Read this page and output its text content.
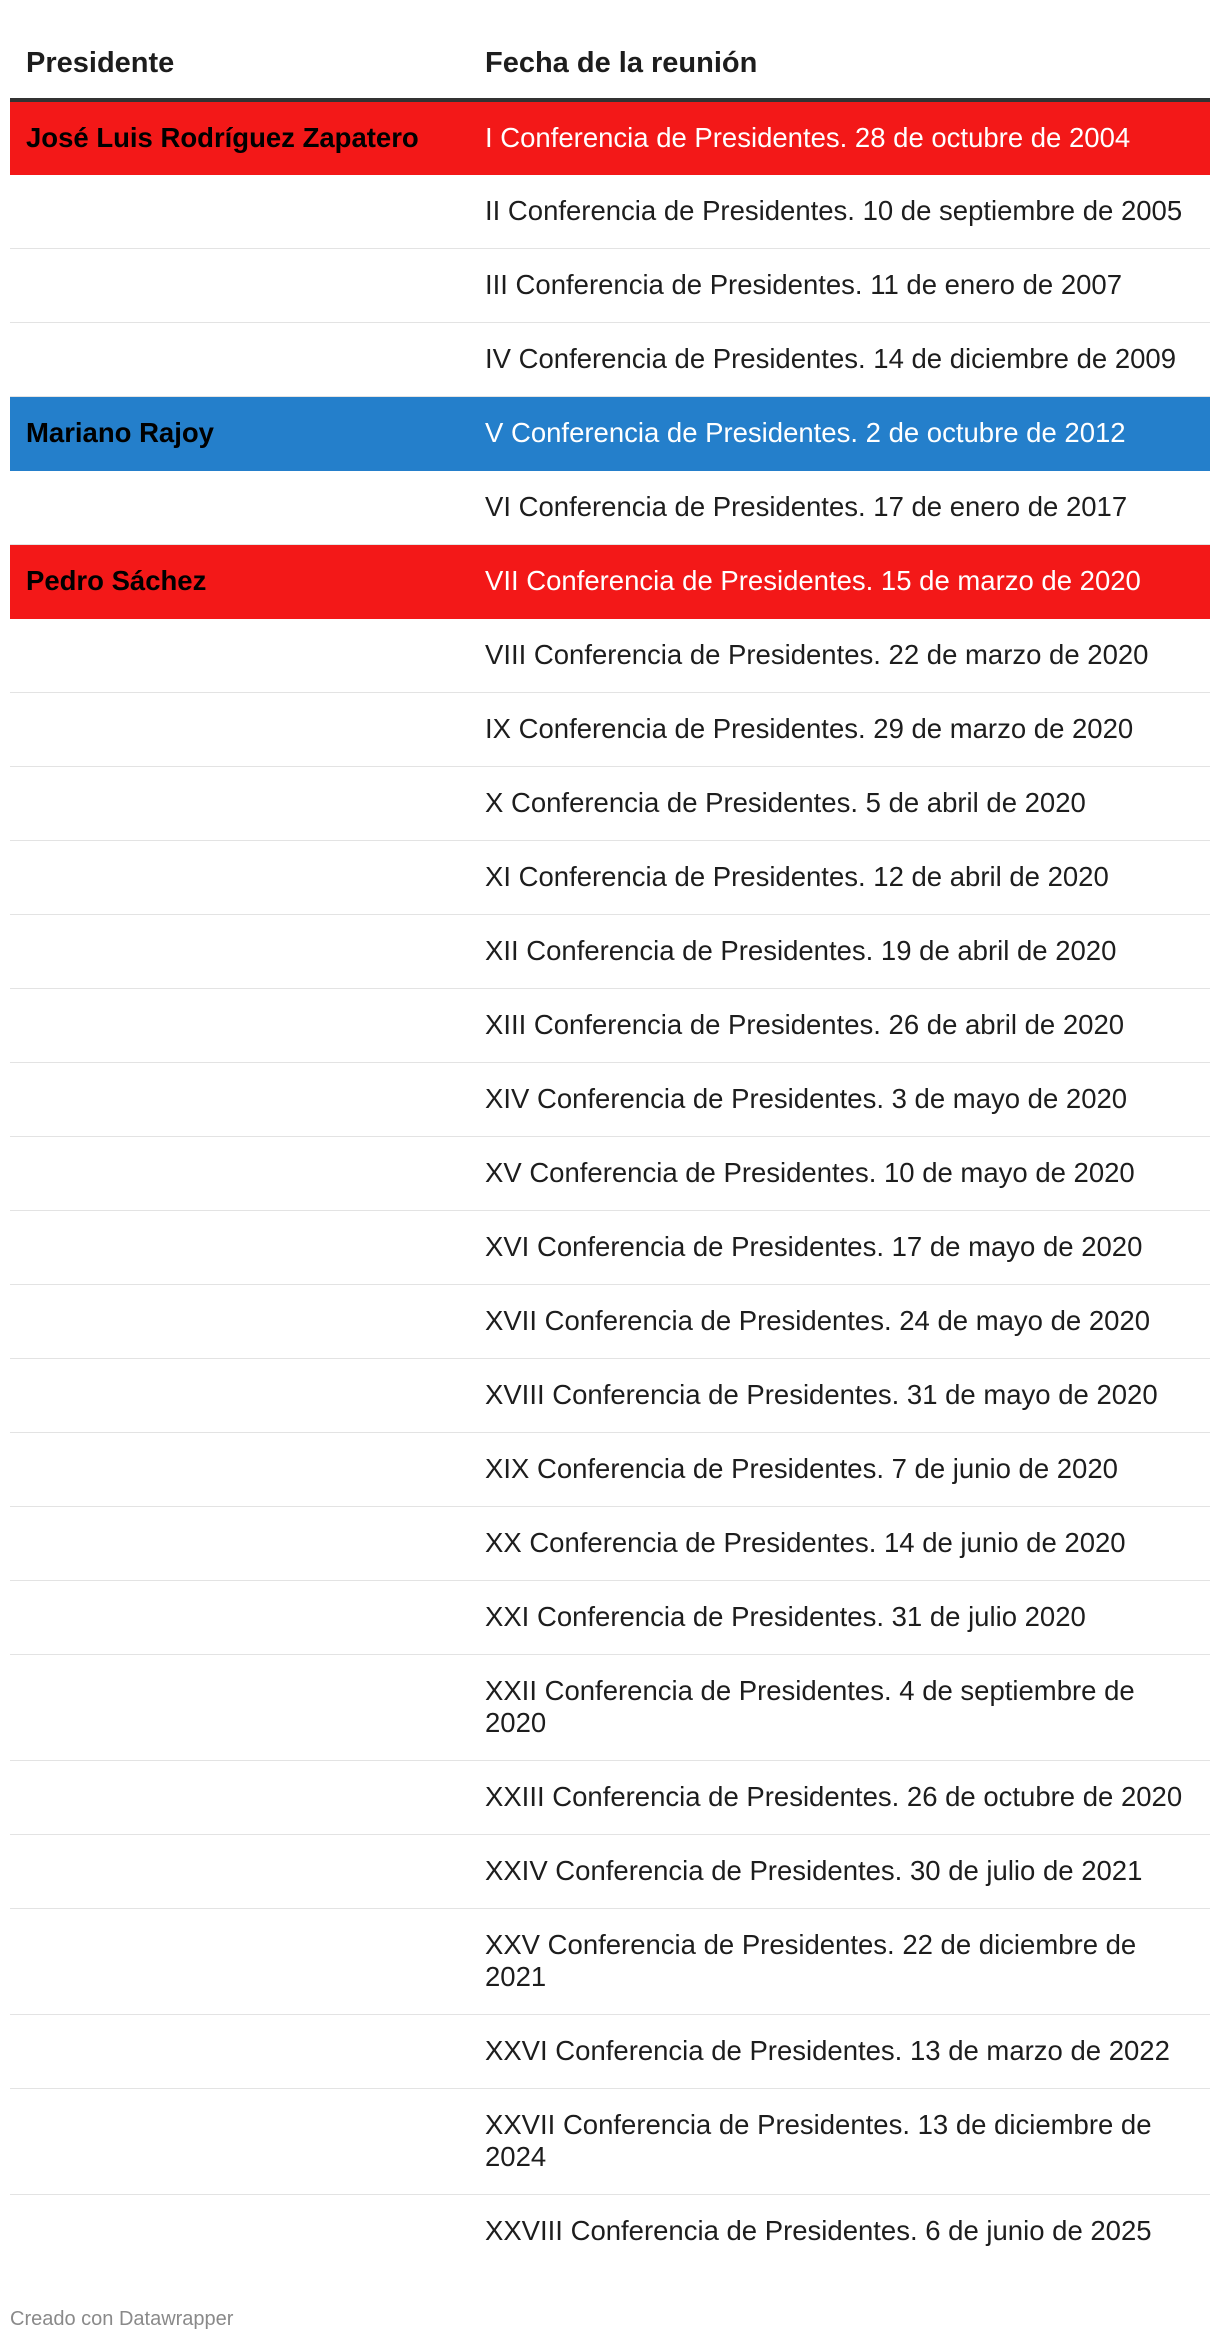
Presidente	Fecha de la reunión
José Luis Rodríguez Zapatero	I Conferencia de Presidentes. 28 de octubre de 2004
	II Conferencia de Presidentes. 10 de septiembre de 2005
	III Conferencia de Presidentes. 11 de enero de 2007
	IV Conferencia de Presidentes. 14 de diciembre de 2009
Mariano Rajoy	V Conferencia de Presidentes. 2 de octubre de 2012
	VI Conferencia de Presidentes. 17 de enero de 2017
Pedro Sáchez	VII Conferencia de Presidentes. 15 de marzo de 2020
	VIII Conferencia de Presidentes. 22 de marzo de 2020
	IX Conferencia de Presidentes. 29 de marzo de 2020
	X Conferencia de Presidentes. 5 de abril de 2020
	XI Conferencia de Presidentes. 12 de abril de 2020
	XII Conferencia de Presidentes. 19 de abril de 2020
	XIII Conferencia de Presidentes. 26 de abril de 2020
	XIV Conferencia de Presidentes. 3 de mayo de 2020
	XV Conferencia de Presidentes. 10 de mayo de 2020
	XVI Conferencia de Presidentes. 17 de mayo de 2020
	XVII Conferencia de Presidentes. 24 de mayo de 2020
	XVIII Conferencia de Presidentes. 31 de mayo de 2020
	XIX Conferencia de Presidentes. 7 de junio de 2020
	XX Conferencia de Presidentes. 14 de junio de 2020
	XXI Conferencia de Presidentes. 31 de julio 2020
	XXII Conferencia de Presidentes. 4 de septiembre de 2020
	XXIII Conferencia de Presidentes. 26 de octubre de 2020
	XXIV Conferencia de Presidentes. 30 de julio de 2021
	XXV Conferencia de Presidentes. 22 de diciembre de 2021
	XXVI Conferencia de Presidentes. 13 de marzo de 2022
	XXVII Conferencia de Presidentes. 13 de diciembre de 2024
	XXVIII Conferencia de Presidentes. 6 de junio de 2025
Creado con Datawrapper
